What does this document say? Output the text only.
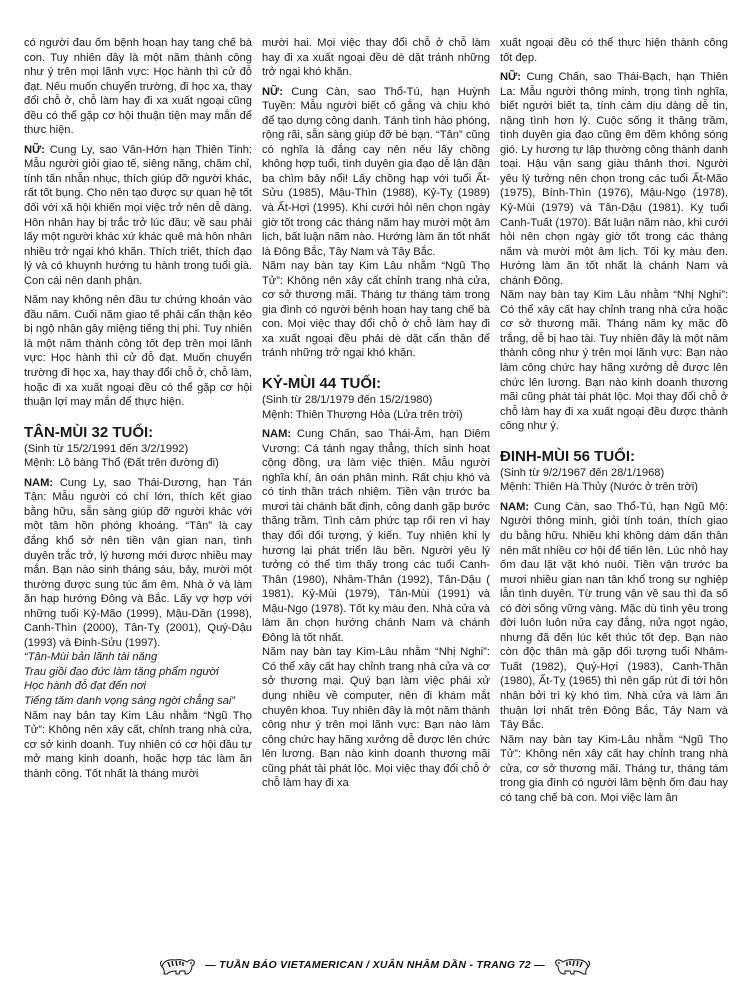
có người đau ốm bệnh hoạn hay tang chế bà con. Tuy nhiên đây là một năm thành công như ý trên mọi lãnh vực: Học hành thì cử đỗ đạt. Nếu muốn chuyển trường, đi học xa, thay đổi chỗ ở, chỗ làm hay đi xa xuất ngoại cũng đều có thể gặp cơ hội thuận tiện may mắn để thực hiện.

NỮ: Cung Ly, sao Vân-Hớn hạn Thiên Tinh: Mẫu người giỏi giao tế, siêng năng, chăm chỉ, tính tấn nhẫn nhục, thích giúp đỡ người khác, rất tốt bụng. Cho nên tạo được sự quan hệ tốt đối với xã hội khiến mọi việc trở nên dễ dàng. Hôn nhân hay bị trắc trở lúc đầu; về sau phải lấy một người khác xứ khác quê mà hôn nhân nhiều trở ngại khó khăn. Thích triết, thích đạo lý và có khuynh hướng tu hành trong tuổi già. Con cái nên danh phận.

Năm nay không nên đầu tư chứng khoán vào đầu năm. Cuối năm giao tế phải cẩn thận kẻo bị ngộ nhận gây miệng tiếng thị phi. Tuy nhiên là một năm thành công tốt đẹp trên mọi lãnh vực: Học hành thì cử đỗ đạt. Muốn chuyển trường đi học xa, hay thay đổi chỗ ở, chỗ làm, hoặc đi xa xuất ngoại đều có thể gặp cơ hội thuận lợi may mắn để thực hiện.

TÂN-MÙI 32 TUỔI:

(Sinh từ 15/2/1991 đến 3/2/1992)

Mệnh: Lộ bàng Thổ (Đất trên đường đi)

NAM: Cung Ly, sao Thái-Dương, hạn Tán Tận: Mẫu người có chí lớn, thích kết giao bằng hữu, sẵn sàng giúp đỡ người khác với một tâm hồn phóng khoáng. “Tân” là cay đắng khổ sở nên tiền vận gian nan, tình duyên trắc trở, lý hương mới được nhiều may mắn. Bạn nào sinh tháng sáu, bảy, mười một thường được sung túc ấm êm. Nhà ở và làm ăn hạp hướng Đông và Bắc. Lấy vợ hợp với những tuổi Kỷ-Mão (1999), Mậu-Dần (1998), Canh-Thìn (2000), Tân-Tỵ (2001), Quý-Dậu (1993) và Đinh-Sửu (1997).

“Tân-Mùi bản lãnh tài năng

Trau giồi đạo đức làm tăng phẩm người

Học hành đỗ đạt đến nơi

Tiếng tăm danh vọng sáng ngời chẳng sai”

Năm nay bản tay Kim Lâu nhằm “Ngũ Thọ Tử”: Không nên xây cất, chỉnh trang nhà cửa, cơ sở kinh doanh. Tuy nhiên có cơ hội đầu tư mở mang kinh doanh, hoặc hợp tác làm ăn thành công. Tốt nhất là tháng mười

mười hai. Mọi việc thay đổi chỗ ở chỗ làm hay đi xa xuất ngoại đều dè dặt tránh những trở ngại khó khăn.

NỮ: Cung Càn, sao Thổ-Tú, hạn Huỳnh Tuyền: Mẫu người biết cố gắng và chịu khó để tạo dựng công danh. Tánh tình hào phóng, rộng rãi, sẵn sàng giúp đỡ bè bạn. “Tân” cũng có nghĩa là đắng cay nên nếu lấy chồng không hợp tuổi, tình duyên gia đạo dễ lận đận ba chìm bảy nổi! Lấy chồng hạp với tuổi Ất-Sửu (1985), Mậu-Thìn (1988), Kỷ-Tỵ (1989) và Ất-Hợi (1995). Khi cưới hỏi nên chọn ngày giờ tốt trong các tháng năm hay mười một âm lịch, bất luận năm nào. Hướng làm ăn tốt nhất là Đông Bắc, Tây Nam và Tây Bắc.

Năm nay bàn tay Kim Lâu nhằm “Ngũ Thọ Tử”: Không nên xây cất chỉnh trang nhà cửa, cơ sở thương mãi. Tháng tư tháng tám trong gia đình có người bệnh hoạn hay tang chế bà con. Mọi việc thay đổi chỗ ở chỗ làm hay đi xa xuất ngoại đều phải dè dặt cẩn thận để tránh những trở ngại khó khăn.

KỶ-MÙI 44 TUỔI:

(Sinh từ 28/1/1979 đến 15/2/1980)

Mệnh: Thiên Thượng Hỏa (Lửa trên trời)

NAM: Cung Chấn, sao Thái-Âm, hạn Diêm Vương: Cá tánh ngay thẳng, thích sinh hoạt cộng đồng, ưa làm việc thiện. Mẫu người nghĩa khí, ân oán phân minh. Rất chịu khó và có tinh thần trách nhiệm. Tiền vận trước ba mươi tài chánh bất định, công danh gặp bước thăng trầm. Tình cảm phức tạp rối ren vì hay thay đổi đối tượng, ý kiến. Tuy nhiên khi ly hương lại phát triển lâu bền. Người yêu lý tưởng có thể tìm thấy trong các tuổi Canh-Thân (1980), Nhâm-Thân (1992), Tân-Dậu ( 1981), Kỷ-Mùi (1979), Tân-Mùi (1991) và Mậu-Ngọ (1978). Tốt kỵ màu đen. Nhà cửa và làm ăn chọn hướng chánh Nam và chánh Đông là tốt nhất.

Năm nay bàn tay Kim-Lâu nhằm “Nhị Nghi”: Có thể xây cất hay chỉnh trang nhà cửa và cơ sở thương mại. Quý bạn làm việc phải xử dụng nhiều về computer, nên đi khám mắt chuyên khoa. Tuy nhiên đây là một năm thành công như ý trên mọi lãnh vực: Bạn nào làm công chức hay hãng xưởng dễ được lên chức lên lương. Bạn nào kinh doanh thương mãi cũng phát tài phát lộc. Mọi việc thay đổi chỗ ở chỗ làm hay đi xa

xuất ngoại đều có thể thực hiện thành công tốt đẹp.

NỮ: Cung Chấn, sao Thái-Bạch, hạn Thiên La: Mẫu người thông minh, trọng tình nghĩa, biết người biết ta, tính cảm dịu dàng dễ tin, nặng tình hơn lý. Cuộc sống ít thăng trầm, tình duyên gia đạo cũng êm đềm không sóng gió. Ly hương tự lập thường công thành danh toại. Hậu vận sang giàu thảnh thơi. Người yêu lý tưởng nên chọn trong các tuổi Ất-Mão (1975), Bính-Thìn (1976), Mậu-Ngọ (1978), Kỷ-Mùi (1979) và Tân-Dậu (1981). Kỵ tuổi Canh-Tuất (1970). Bất luận năm nào, khi cưới hỏi nên chọn ngày giờ tốt trong các tháng năm và mười một âm lịch. Tối kỵ màu đen. Hướng làm ăn tốt nhất là chánh Nam và chánh Đông.

Năm nay bàn tay Kim Lâu nhằm “Nhị Nghi”: Có thể xây cất hay chỉnh trang nhà cửa hoặc cơ sở thương mãi. Tháng năm kỵ mặc đồ trắng, dễ bị hao tài. Tuy nhiên đây là một năm thành công như ý trên mọi lãnh vực: Bạn nào làm công chức hay hãng xưởng dễ được lên chức lên lương. Bạn nào kinh doanh thương mãi cũng phát tài phát lộc. Mọi thay đổi chỗ ở chỗ làm hay đi xa xuất ngoại đều được thành công như ý.

ĐINH-MÙI 56 TUỔI:

(Sinh từ 9/2/1967 đến 28/1/1968)

Mệnh: Thiên Hà Thủy (Nước ở trên trời)

NAM: Cung Càn, sao Thổ-Tú, hạn Ngũ Mộ: Người thông minh, giỏi tính toán, thích giao du bằng hữu. Nhiều khi không dám dấn thân nên mất nhiều cơ hội để tiến lên. Lúc nhỏ hay ốm đau lặt vặt khó nuôi. Tiền vận trước ba mươi nhiều gian nan tân khổ trong sự nghiệp lẫn tình duyên. Từ trung vận về sau thì đa số có đời sống vững vàng. Mặc dù tình yêu trong đời luôn luôn nửa cay đắng, nửa ngọt ngào, nhưng đã đến lúc kết thúc tốt đẹp. Bạn nào còn độc thân mà gặp đối tượng tuổi Nhâm-Tuất (1982), Quý-Hợi (1983), Canh-Thân (1980), Ất-Tỵ (1965) thì nên gấp rút đi tới hôn nhân bởi trì kỳ khó tìm. Nhà cửa và làm ăn thuận lợi nhất trên Đông Bắc, Tây Nam và Tây Bắc.

Năm nay bàn tay Kim-Lâu nhằm “Ngũ Thọ Tử”: Không nên xây cất hay chỉnh trang nhà cửa, cơ sở thương mãi. Tháng tư, tháng tám trong gia đình có người lâm bệnh ốm đau hay có tang chế bà con. Mọi việc làm ăn

— TUẦN BÁO VIETAMERICAN / XUÂN NHÂM DẦN - TRANG 72 —
